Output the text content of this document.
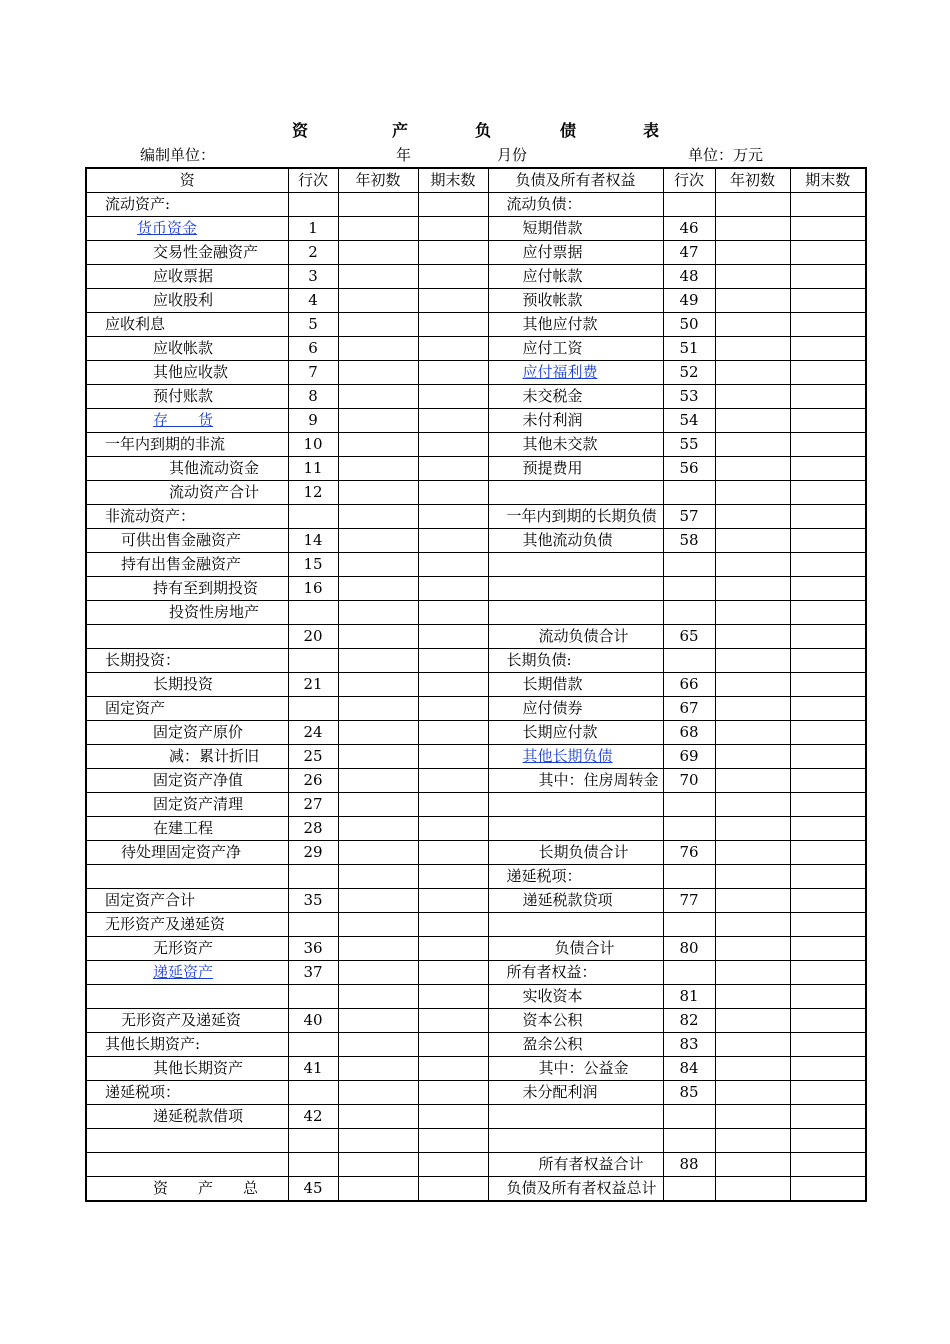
资	产	负	债	表
编制单位：	年	月份	单位：万元
资	行次	年初数	期末数	负债及所有者权益	行次	年初数	期末数
流动资产:				流动负债：			
货币资金	1			短期借款	46		
交易性金融资产	2			应付票据	47		
应收票据	3			应付帐款	48		
应收股利	4			预收帐款	49		
应收利息	5			其他应付款	50		
应收帐款	6			应付工资	51		
其他应收款	7			应付福利费	52		
预付账款	8			未交税金	53		
存　　货	9			未付利润	54		
一年内到期的非流	10			其他未交款	55		
其他流动资金	11			预提费用	56		
流动资产合计	12						
非流动资产：				一年内到期的长期负债	57		
可供出售金融资产	14			其他流动负债	58		
持有出售金融资产	15						
持有至到期投资	16						
投资性房地产							
	20			流动负债合计	65		
长期投资：				长期负债:			
长期投资	21			长期借款	66		
固定资产				应付债券	67		
固定资产原价	24			长期应付款	68		
减：累计折旧	25			其他长期负债	69		
固定资产净值	26			其中：住房周转金	70		
固定资产清理	27						
在建工程	28						
待处理固定资产净	29			长期负债合计	76		
				递延税项：			
固定资产合计	35			递延税款贷项	77		
无形资产及递延资							
无形资产	36			负债合计	80		
递延资产	37			所有者权益：			
				实收资本	81		
无形资产及递延资	40			资本公积	82		
其他长期资产:				盈余公积	83		
其他长期资产	41			其中：公益金	84		
递延税项：				未分配利润	85		
递延税款借项	42						

				所有者权益合计	88		
资　　产　　总	45			负债及所有者权益总计			
